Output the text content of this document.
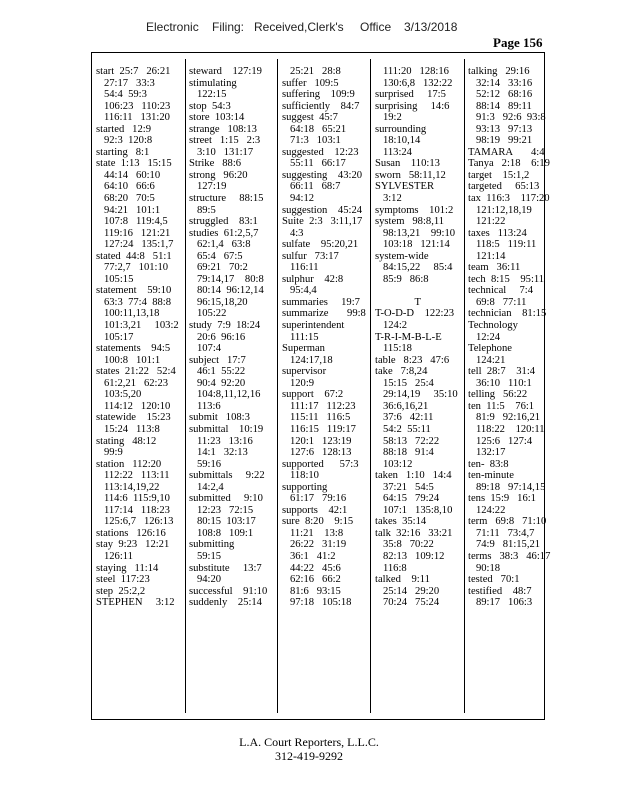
Electronic Filing: Received,Clerk's Office 3/13/2018
Page 156
start  25:7   26:21
27:17   33:3
54:4  59:3
106:23   110:23
116:11   131:20
started   12:9
92:3  120:8
starting   8:1
state  1:13   15:15
44:14   60:10
64:10   66:6
68:20   70:5
94:21   101:1
107:8   119:4,5
119:16   121:21
127:24   135:1,7
stated  44:8   51:1
77:2,7   101:10
105:15
statement    59:10
63:3  77:4  88:8
100:11,13,18
101:3,21     103:2
105:17
statements    94:5
100:8   101:1
states  21:22   52:4
61:2,21   62:23
103:5,20
114:12   120:10
statewide    15:23
15:24   113:8
stating   48:12
99:9
station   112:20
112:22   113:11
113:14,19,22
114:6  115:9,10
117:14   118:23
125:6,7   126:13
stations   126:16
stay  9:23   12:21
126:11
staying   11:14
steel  117:23
step  25:2,2
STEPHEN     3:12
steward    127:19
stimulating
122:15
stop  54:3
store  103:14
strange   108:13
street   1:15   2:3
3:10   131:17
Strike   88:6
strong   96:20
127:19
structure     88:15
89:5
struggled    83:1
studies  61:2,5,7
62:1,4   63:8
65:4   67:5
69:21   70:2
79:14,17    80:8
80:14  96:12,14
96:15,18,20
105:22
study  7:9  18:24
20:6  96:16
107:4
subject   17:7
46:1  55:22
90:4  92:20
104:8,11,12,16
113:6
submit   108:3
submittal    10:19
11:23   13:16
14:1   32:13
59:16
submittals     9:22
14:2,4
submitted     9:10
12:23   72:15
80:15  103:17
108:8   109:1
submitting
59:15
substitute     13:7
94:20
successful    91:10
suddenly    25:14
25:21   28:8
suffer   109:5
suffering    109:9
sufficiently    84:7
suggest  45:7
64:18   65:21
71:3   103:1
suggested    12:23
55:11   66:17
suggesting    43:20
66:11   68:7
94:12
suggestion    45:24
Suite  2:3   3:11,17
4:3
sulfate    95:20,21
sulfur   73:17
116:11
sulphur    42:8
95:4,4
summaries     19:7
summarize       99:8
superintendent
111:15
Superman
124:17,18
supervisor
120:9
support    67:2
111:17   112:23
115:11   116:5
116:15   119:17
120:1   123:19
127:6   128:13
supported      57:3
118:10
supporting
61:17   79:16
supports    42:1
sure  8:20    9:15
11:21    13:8
26:22   31:19
36:1   41:2
44:22   45:6
62:16   66:2
81:6   93:15
97:18   105:18
111:20   128:16
130:6,8   132:22
surprised     17:5
surprising     14:6
19:2
surrounding
18:10,14
113:24
Susan    110:13
sworn   58:11,12
SYLVESTER
3:12
symptoms    101:2
system   98:8,11
98:13,21    99:10
103:18   121:14
system-wide
84:15,22     85:4
85:9   86:8
T
T-O-D-D    122:23
124:2
T-R-I-M-B-L-E
115:18
table   8:23   47:6
take   7:8,24
15:15   25:4
29:14,19     35:10
36:6,16,21
37:6   42:11
54:2  55:11
58:13   72:22
88:18   91:4
103:12
taken   1:10   14:4
37:21   54:5
64:15   79:24
107:1   135:8,10
takes  35:14
talk  32:16   33:21
35:8   70:22
82:13   109:12
116:8
talked    9:11
25:14   29:20
70:24   75:24
talking   29:16
32:14   33:16
52:12   68:16
88:14   89:11
91:3   92:6  93:8
93:13   97:13
98:19   99:21
TAMARA       4:4
Tanya   2:18    6:19
target    15:1,2
targeted     65:13
tax  116:3    117:20
121:12,18,19
121:22
taxes   113:24
118:5   119:11
121:14
team   36:11
tech  8:15    95:11
technical     7:4
69:8   77:11
technician    81:15
Technology
12:24
Telephone
124:21
tell  28:7    31:4
36:10   110:1
telling   56:22
ten  11:5    76:1
81:9   92:16,21
118:22    120:11
125:6   127:4
132:17
ten-  83:8
ten-minute
89:18   97:14,15
tens  15:9   16:1
124:22
term   69:8   71:10
71:11   73:4,7
74:9   81:15,21
terms   38:3   46:17
90:18
tested   70:1
testified    48:7
89:17   106:3
L.A. Court Reporters, L.L.C.
312-419-9292
